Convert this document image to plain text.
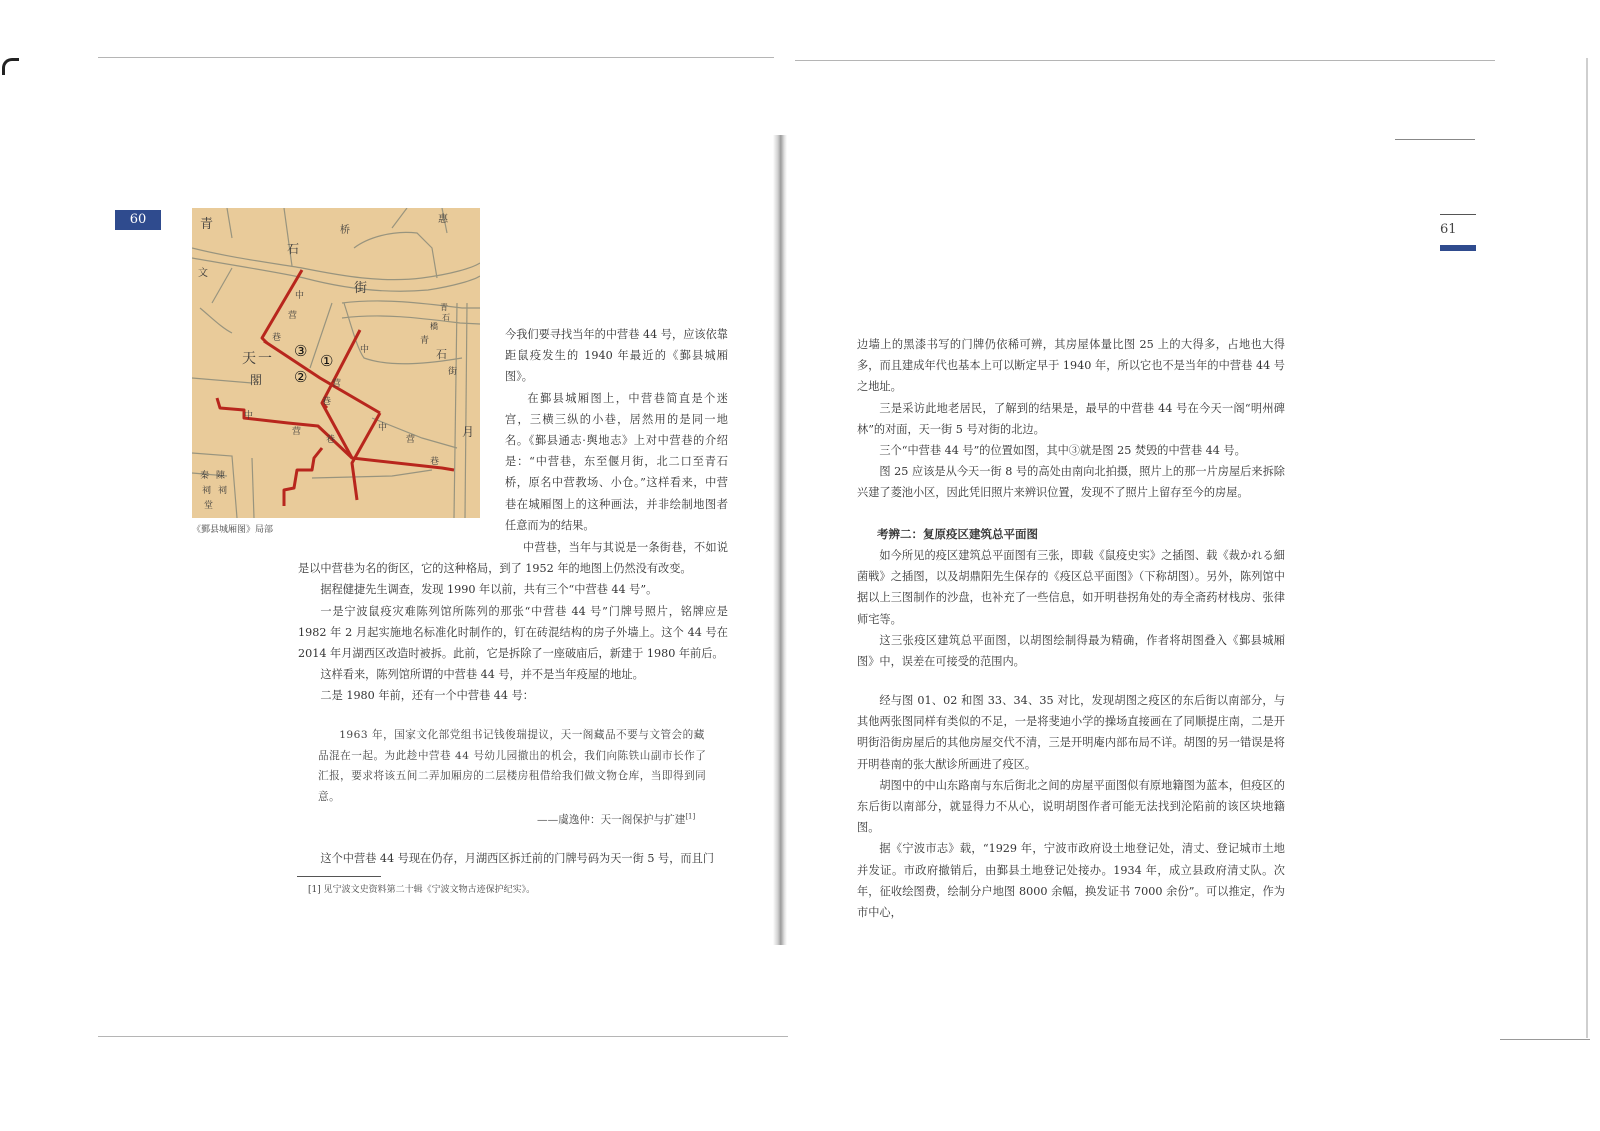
60
61
青
石
桥
惠
文
街
中
营
巷
中
营
巷
中
营
巷
中
营
巷
天 一
閣
青
石
橋
青
石
街
月
秦
祠
堂
陳
祠
③
①
②
《鄞县城厢图》局部

今我们要寻找当年的中营巷 44 号，应该依靠距鼠疫发生的 1940 年最近的《鄞县城厢图》。

在鄞县城厢图上，中营巷简直是个迷宫，三横三纵的小巷，居然用的是同一地名。《鄞县通志·舆地志》上对中营巷的介绍是：“中营巷，东至偃月街，北二口至青石桥，原名中营教场、小仓。”这样看来，中营巷在城厢图上的这种画法，并非绘制地图者任意而为的结果。

中营巷，当年与其说是一条街巷，不如说是以中营巷为名的街区，它的这种格局，到了 1952 年的地图上仍然没有改变。

据程健捷先生调查，发现 1990 年以前，共有三个“中营巷 44 号”。

一是宁波鼠疫灾难陈列馆所陈列的那张“中营巷 44 号”门牌号照片，铭牌应是 1982 年 2 月起实施地名标准化时制作的，钉在砖混结构的房子外墙上。这个 44 号在 2014 年月湖西区改造时被拆。此前，它是拆除了一座破庙后，新建于 1980 年前后。

这样看来，陈列馆所谓的中营巷 44 号，并不是当年疫屋的地址。

二是 1980 年前，还有一个中营巷 44 号：

1963 年，国家文化部党组书记钱俊瑞提议，天一阁藏品不要与文管会的藏品混在一起。为此趁中营巷 44 号幼儿园撤出的机会，我们向陈铁山副市长作了汇报，要求将该五间二弄加厢房的二层楼房租借给我们做文物仓库，当即得到同意。

——虞逸仲：天一阁保护与扩建[1]

这个中营巷 44 号现在仍存，月湖西区拆迁前的门牌号码为天一街 5 号，而且门

[1] 见宁波文史资料第二十辑《宁波文物古迹保护纪实》。

边墙上的黑漆书写的门牌仍依稀可辨，其房屋体量比图 25 上的大得多，占地也大得多，而且建成年代也基本上可以断定早于 1940 年，所以它也不是当年的中营巷 44 号之地址。

三是采访此地老居民，了解到的结果是，最早的中营巷 44 号在今天一阁“明州碑林”的对面，天一街 5 号对街的北边。

三个“中营巷 44 号”的位置如图，其中③就是图 25 焚毁的中营巷 44 号。

图 25 应该是从今天一街 8 号的高处由南向北拍摄，照片上的那一片房屋后来拆除兴建了菱池小区，因此凭旧照片来辨识位置，发现不了照片上留存至今的房屋。

考辨二：复原疫区建筑总平面图

如今所见的疫区建筑总平面图有三张，即载《鼠疫史实》之插图、载《裁かれる細菌戦》之插图，以及胡鼎阳先生保存的《疫区总平面图》（下称胡图）。另外，陈列馆中据以上三图制作的沙盘，也补充了一些信息，如开明巷拐角处的寿全斋药材栈房、张律师宅等。

这三张疫区建筑总平面图，以胡图绘制得最为精确，作者将胡图叠入《鄞县城厢图》中，误差在可接受的范围内。

经与图 01、02 和图 33、34、35 对比，发现胡图之疫区的东后街以南部分，与其他两张图同样有类似的不足，一是将斐迪小学的操场直接画在了同顺提庄南，二是开明街沿街房屋后的其他房屋交代不清，三是开明庵内部布局不详。胡图的另一错误是将开明巷南的张大猷诊所画进了疫区。

胡图中的中山东路南与东后街北之间的房屋平面图似有原地籍图为蓝本，但疫区的东后街以南部分，就显得力不从心，说明胡图作者可能无法找到沦陷前的该区块地籍图。

据《宁波市志》载，“1929 年，宁波市政府设土地登记处，清丈、登记城市土地并发证。市政府撤销后，由鄞县土地登记处接办。1934 年，成立县政府清丈队。次年，征收绘图费，绘制分户地图 8000 余幅，换发证书 7000 余份”。可以推定，作为市中心，
